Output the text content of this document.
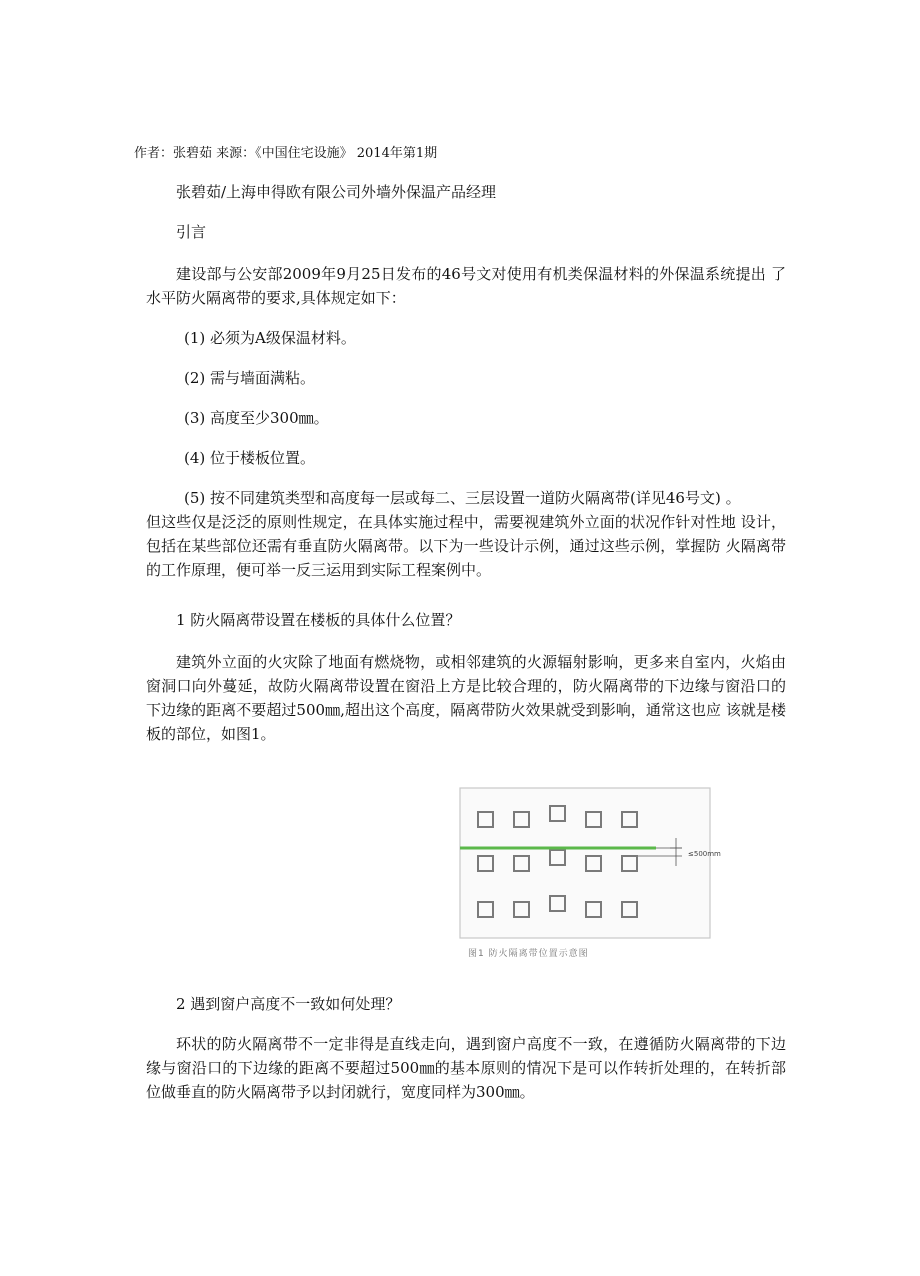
作者：张碧茹 来源：《中国住宅设施》 2014年第1期
张碧茹/上海申得欧有限公司外墙外保温产品经理
引言
建设部与公安部2009年9月25日发布的46号文对使用有机类保温材料的外保温系统提出 了水平防火隔离带的要求,具体规定如下：
(1) 必须为A级保温材料。
(2) 需与墙面满粘。
(3) 高度至少300㎜。
(4) 位于楼板位置。
(5) 按不同建筑类型和高度每一层或每二、三层设置一道防火隔离带(详见46号文) 。
但这些仅是泛泛的原则性规定，在具体实施过程中，需要视建筑外立面的状况作针对性地 设计，包括在某些部位还需有垂直防火隔离带。以下为一些设计示例，通过这些示例，掌握防 火隔离带的工作原理，便可举一反三运用到实际工程案例中。
1 防火隔离带设置在楼板的具体什么位置？
建筑外立面的火灾除了地面有燃烧物，或相邻建筑的火源辐射影响，更多来自室内，火焰由窗洞口向外蔓延，故防火隔离带设置在窗沿上方是比较合理的，防火隔离带的下边缘与窗沿口的下边缘的距离不要超过500㎜,超出这个高度，隔离带防火效果就受到影响，通常这也应 该就是楼板的部位，如图1。
≤500mm
图1 防火隔离带位置示意图
2 遇到窗户高度不一致如何处理？
环状的防火隔离带不一定非得是直线走向，遇到窗户高度不一致，在遵循防火隔离带的下边缘与窗沿口的下边缘的距离不要超过500㎜的基本原则的情况下是可以作转折处理的，在转折部位做垂直的防火隔离带予以封闭就行，宽度同样为300㎜。
